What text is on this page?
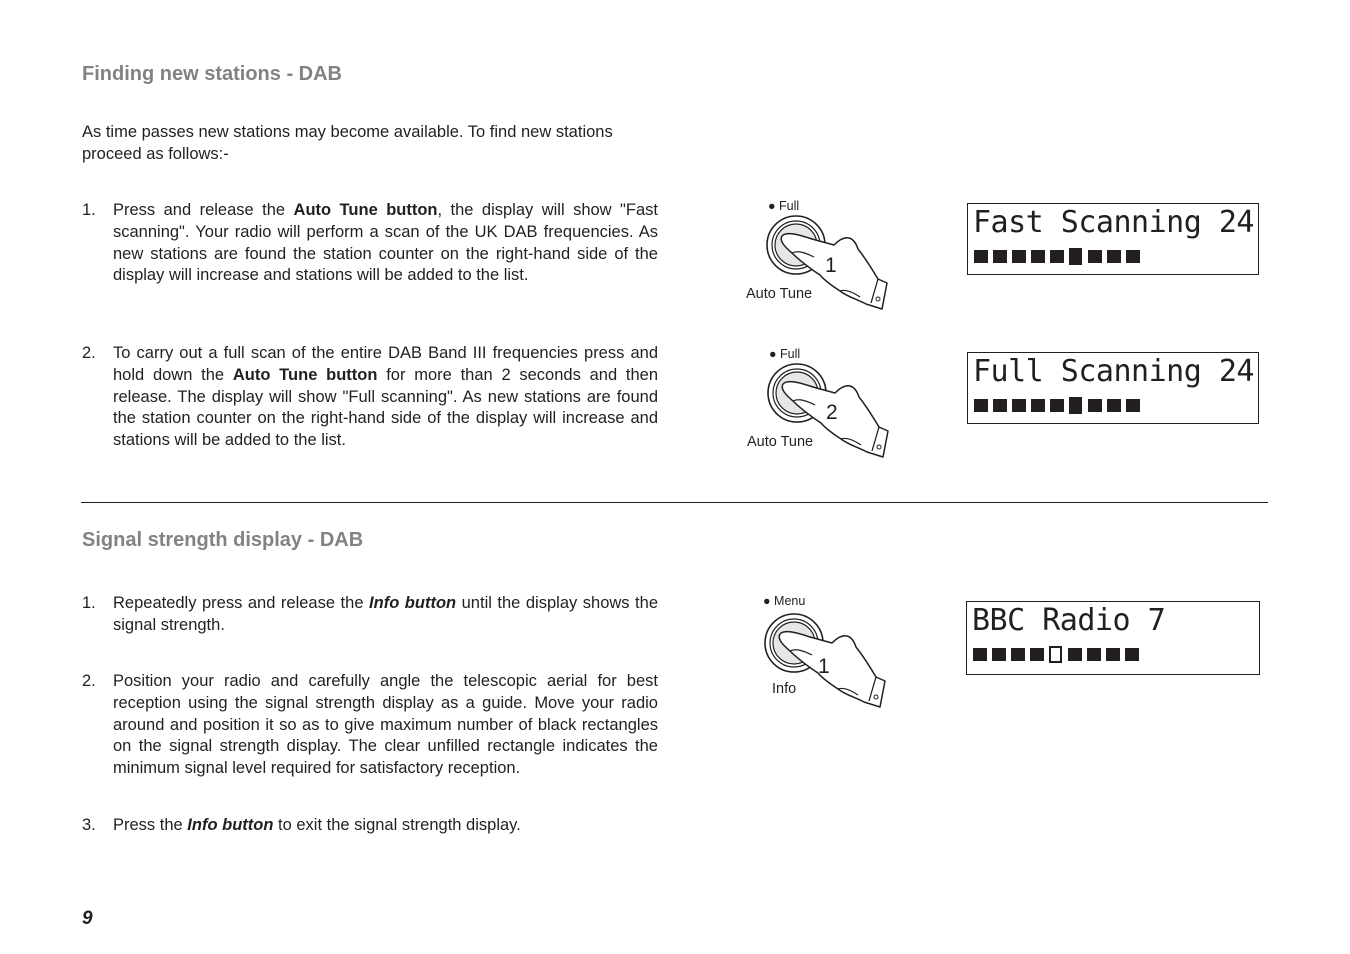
Finding new stations - DAB

As time passes new stations may become available. To find new stations proceed as follows:-

1. Press and release the Auto Tune button, the display will show "Fast scanning". Your radio will perform a scan of the UK DAB frequencies. As new stations are found the station counter on the right-hand side of the display will increase and stations will be added to the list.

2. To carry out a full scan of the entire DAB Band III frequencies press and hold down the Auto Tune button for more than 2 seconds and then release. The display will show "Full scanning". As new stations are found the station counter on the right-hand side of the display will increase and stations will be added to the list.

Signal strength display - DAB
1. Repeatedly press and release the Info button until the display shows the signal strength.

2. Position your radio and carefully angle the telescopic aerial for best reception using the signal strength display as a guide. Move your radio around and position it so as to give maximum number of black rectangles on the signal strength display. The clear unfilled rectangle indicates the minimum signal level required for satisfactory reception.

3. Press the Info button to exit the signal strength display.

9

● Full

Auto Tune

1

● Full

Auto Tune

2

● Menu

Info

1

Fast Scanning 24

Full Scanning 24

BBC Radio 7
